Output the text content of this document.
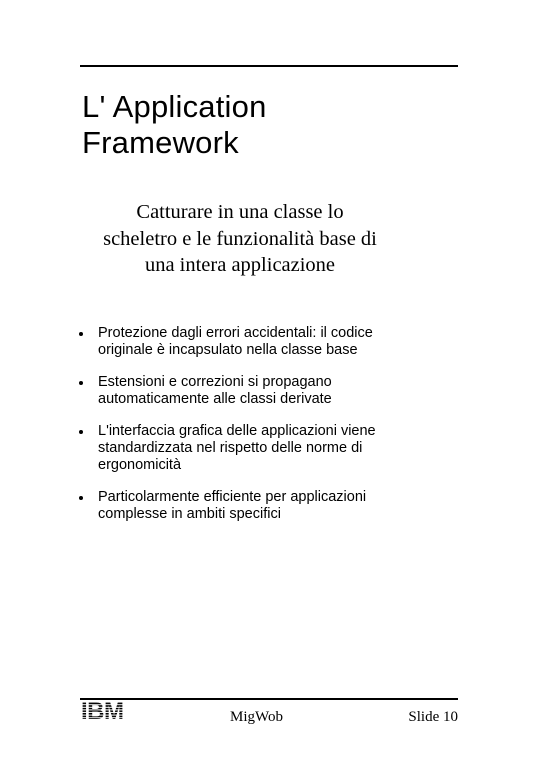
L' Application
Framework
Catturare in una classe lo
scheletro e le funzionalità base di
una intera applicazione
Protezione dagli errori accidentali: il codice
originale è incapsulato nella classe base
Estensioni e correzioni si propagano
automaticamente alle classi derivate
L'interfaccia grafica delle applicazioni viene
standardizzata nel rispetto delle norme di
ergonomicità
Particolarmente efficiente per applicazioni
complesse in ambiti specifici
IBM	MigWob	Slide 10
